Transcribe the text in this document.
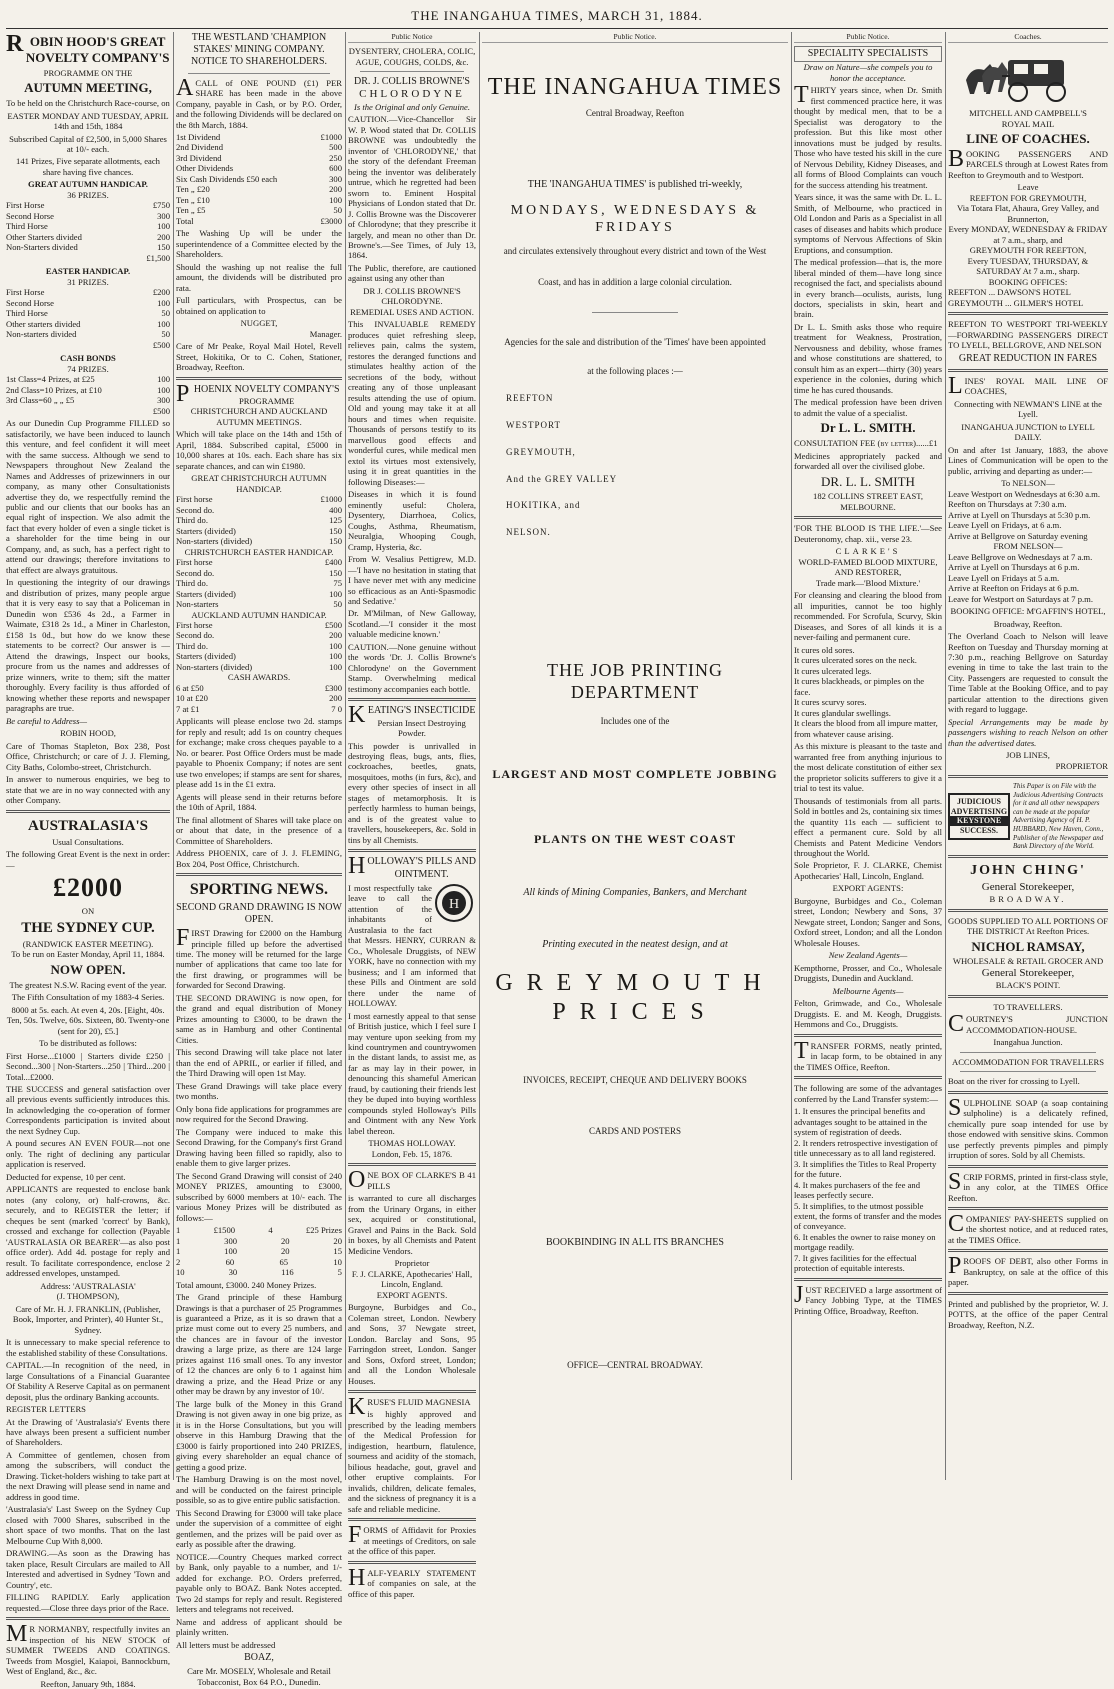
THE INANGAHUA TIMES, MARCH 31, 1884.
ROBIN HOOD'S GREAT NOVELTY COMPANY'S
PROGRAMME ON THE
AUTUMN MEETING,

To be held on the Christchurch Race-course, on

EASTER MONDAY AND TUESDAY, APRIL 14th and 15th, 1884

Subscribed Capital of £2,500, in 5,000 Shares at 10/- each.

141 Prizes, Five separate allotments, each share having five chances.

GREAT AUTUMN HANDICAP.
36 PRIZES.
First Horse	£750
Second Horse	300
Third Horse	100
Other Starters divided	200
Non-Starters divided	150
£1,500
EASTER HANDICAP.
31 PRIZES.
First Horse	£200
Second Horse	100
Third Horse	50
Other starters divided	100
Non-starters divided	50
£500
CASH BONDS
74 PRIZES.
1st Class=4 Prizes, at £25	100
2nd Class=10 Prizes, at £10	100
3rd Class=60 „ „ £5	300
£500

As our Dunedin Cup Programme FILLED so satisfactorily, we have been induced to launch this venture, and feel confident it will meet with the same success. Although we send to Newspapers throughout New Zealand the Names and Addresses of prizewinners in our company, as many other Consultationists advertise they do, we respectfully remind the public and our clients that our books has an equal right of inspection. We also admit the fact that every holder of even a single ticket is a shareholder for the time being in our Company, and, as such, has a perfect right to attend our drawings; therefore invitations to that effect are always gratuitous.

In questioning the integrity of our drawings and distribution of prizes, many people argue that it is very easy to say that a Policeman in Dunedin won £536 4s 2d., a Farmer in Waimate, £318 2s 1d., a Miner in Charleston, £158 1s 0d., but how do we know these statements to be correct? Our answer is — Attend the drawings, Inspect our books, procure from us the names and addresses of prize winners, write to them; sift the matter thoroughly. Every facility is thus afforded of knowing whether these reports and newspaper paragraphs are true.

Be careful to Address—

ROBIN HOOD,

Care of Thomas Stapleton, Box 238, Post Office, Christchurch; or care of J. J. Fleming, City Baths, Colombo-street, Christchurch.

In answer to numerous enquiries, we beg to state that we are in no way connected with any other Company.

AUSTRALASIA'S
Usual Consultations.

The following Great Event is the next in order:—

£2000
ON
THE SYDNEY CUP.
(RANDWICK EASTER MEETING).
To be run on Easter Monday, April 11, 1884.
NOW OPEN.

The greatest N.S.W. Racing event of the year.

The Fifth Consultation of my 1883-4 Series.

8000 at 5s. each. At even 4, 20s. [Eight, 40s. Ten, 50s. Twelve, 60s. Sixteen, 80. Twenty-one (sent for 20), £5.]

To be distributed as follows:

First Horse...£1000 | Starters divide £250 | Second...300 | Non-Starters...250 | Third...200 | Total...£2000.

THE SUCCESS and general satisfaction over all previous events sufficiently introduces this. In acknowledging the co-operation of former Correspondents participation is invited about the next Sydney Cup.

A pound secures AN EVEN FOUR—not one only. The right of declining any particular application is reserved.

Deducted for expense, 10 per cent.

APPLICANTS are requested to enclose bank notes (any colony, or) half-crowns, &c. securely, and to REGISTER the letter; if cheques be sent (marked 'correct' by Bank), crossed and exchange for collection (Payable 'AUSTRALASIA OR BEARER'—as also post office order). Add 4d. postage for reply and result. To facilitate correspondence, enclose 2 addressed envelopes, unstamped.

Address: 'AUSTRALASIA'
(J. THOMPSON),

Care of Mr. H. J. FRANKLIN, (Publisher, Book, Importer, and Printer), 40 Hunter St., Sydney.

It is unnecessary to make special reference to the established stability of these Consultations.

CAPITAL.—In recognition of the need, in large Consultations of a Financial Guarantee Of Stability A Reserve Capital as on permanent deposit, plus the ordinary Banking accounts.

REGISTER LETTERS

At the Drawing of 'Australasia's' Events there have always been present a sufficient number of Shareholders.

A Committee of gentlemen, chosen from among the subscribers, will conduct the Drawing. Ticket-holders wishing to take part at the next Drawing will please send in name and address in good time.

'Australasia's' Last Sweep on the Sydney Cup closed with 7000 Shares, subscribed in the short space of two months. That on the last Melbourne Cup With 8,000.

DRAWING.—As soon as the Drawing has taken place, Result Circulars are mailed to All Interested and advertised in Sydney 'Town and Country', etc.

FILLING RAPIDLY. Early application requested.—Close three days prior of the Race.

MR NORMANBY, respectfully invites an inspection of his NEW STOCK of SUMMER TWEEDS AND COATINGS. Tweeds from Mosgiel, Kaiapoi, Bannockburn, West of England, &c., &c.

Reefton, January 9th, 1884.
THE WESTLAND 'CHAMPION STAKES' MINING COMPANY.
NOTICE TO SHAREHOLDERS.

ACALL of ONE POUND (£1) PER SHARE has been made in the above Company, payable in Cash, or by P.O. Order, and the following Dividends will be declared on the 8th March, 1884.

1st Dividend	£1000
2nd Dividend	500
3rd Dividend	250
Other Dividends	600
Six Cash Dividends £50 each	300
Ten „ £20	200
Ten „ £10	100
Ten „ £5	50
Total	£3000

The Washing Up will be under the superintendence of a Committee elected by the Shareholders.

Should the washing up not realise the full amount, the dividends will be distributed pro rata.

Full particulars, with Prospectus, can be obtained on application to

NUGGET,
Manager.

Care of Mr Peake, Royal Mail Hotel, Revell Street, Hokitika, Or to C. Cohen, Stationer, Broadway, Reefton.

PHOENIX NOVELTY COMPANY'S
PROGRAMME
CHRISTCHURCH AND AUCKLAND AUTUMN MEETINGS.

Which will take place on the 14th and 15th of April, 1884. Subscribed capital, £5000 in 10,000 shares at 10s. each. Each share has six separate chances, and can win £1980.

GREAT CHRISTCHURCH AUTUMN HANDICAP.
First horse	£1000
Second do.	400
Third do.	125
Starters (divided)	150
Non-starters (divided)	150
CHRISTCHURCH EASTER HANDICAP.
First horse	£400
Second do.	150
Third do.	75
Starters (divided)	100
Non-starters	50
AUCKLAND AUTUMN HANDICAP.
First horse	£500
Second do.	200
Third do.	100
Starters (divided)	100
Non-starters (divided)	100
CASH AWARDS.
6 at £50	£300
10 at £20	200
7 at £1	7 0

Applicants will please enclose two 2d. stamps for reply and result; add 1s on country cheques for exchange; make cross cheques payable to a No. or bearer. Post Office Orders must be made payable to Phoenix Company; if notes are sent use two envelopes; if stamps are sent for shares, please add 1s in the £1 extra.

Agents will please send in their returns before the 10th of April, 1884.

The final allotment of Shares will take place on or about that date, in the presence of a Committee of Shareholders.

Address PHOENIX, care of J. J. FLEMING, Box 204, Post Office, Christchurch.

SPORTING NEWS.
SECOND GRAND DRAWING IS NOW OPEN.

FIRST Drawing for £2000 on the Hamburg principle filled up before the advertised time. The money will be returned for the large number of applications that came too late for the first drawing, or programmes will be forwarded for Second Drawing.

THE SECOND DRAWING is now open, for the grand and equal distribution of Money Prizes amounting to £3000, to be drawn the same as in Hamburg and other Continental Cities.

This second Drawing will take place not later than the end of APRIL, or earlier if filled, and the Third Drawing will open 1st May.

These Grand Drawings will take place every two months.

Only bona fide applications for programmes are now required for the Second Drawing.

The Company were induced to make this Second Drawing, for the Company's first Grand Drawing having been filled so rapidly, also to enable them to give larger prizes.

The Second Grand Drawing will consist of 240 MONEY PRIZES, amounting to £3000, subscribed by 6000 members at 10/- each. The various Money Prizes will be distributed as follows:—

1	£1500	4	£25 Prizes
1	300	20	20
1	100	20	15
2	60	65	10
10	30	116	5

Total amount, £3000. 240 Money Prizes.

The Grand principle of these Hamburg Drawings is that a purchaser of 25 Programmes is guaranteed a Prize, as it is so drawn that a prize must come out to every 25 numbers, and the chances are in favour of the investor drawing a large prize, as there are 124 large prizes against 116 small ones. To any investor of 12 the chances are only 6 to 1 against him drawing a prize, and the Head Prize or any other may be drawn by any investor of 10/.

The large bulk of the Money in this Grand Drawing is not given away in one big prize, as it is in the Horse Consultations, but you will observe in this Hamburg Drawing that the £3000 is fairly proportioned into 240 PRIZES, giving every shareholder an equal chance of getting a good prize.

The Hamburg Drawing is on the most novel, and will be conducted on the fairest principle possible, so as to give entire public satisfaction.

This Second Drawing for £3000 will take place under the supervision of a committee of eight gentlemen, and the prizes will be paid over as early as possible after the drawing.

NOTICE.—Country Cheques marked correct by Bank, only payable to a number, and 1/- added for exchange. P.O. Orders preferred, payable only to BOAZ. Bank Notes accepted. Two 2d stamps for reply and result. Registered letters and telegrams not received.

Name and address of applicant should be plainly written.

All letters must be addressed

BOAZ,

Care Mr. MOSELY, Wholesale and Retail Tobacconist, Box 64 P.O., Dunedin.

Public Notice
DYSENTERY, CHOLERA, COLIC, AGUE, COUGHS, COLDS, &c.
DR. J. COLLIS BROWNE'S
CHLORODYNE
Is the Original and only Genuine.

CAUTION.—Vice-Chancellor Sir W. P. Wood stated that Dr. COLLIS BROWNE was undoubtedly the inventor of 'CHLORODYNE,' that the story of the defendant Freeman being the inventor was deliberately untrue, which he regretted had been sworn to. Eminent Hospital Physicians of London stated that Dr. J. Collis Browne was the Discoverer of Chlorodyne; that they prescribe it largely, and mean no other than Dr. Browne's.—See Times, of July 13, 1864.

The Public, therefore, are cautioned against using any other than

DR J. COLLIS BROWNE'S CHLORODYNE.
REMEDIAL USES AND ACTION.

This INVALUABLE REMEDY produces quiet refreshing sleep, relieves pain, calms the system, restores the deranged functions and stimulates healthy action of the secretions of the body, without creating any of those unpleasant results attending the use of opium. Old and young may take it at all hours and times when requisite. Thousands of persons testify to its marvellous good effects and wonderful cures, while medical men extol its virtues most extensively, using it in great quantities in the following Diseases:—

Diseases in which it is found eminently useful: Cholera, Dysentery, Diarrhoea, Colics, Coughs, Asthma, Rheumatism, Neuralgia, Whooping Cough, Cramp, Hysteria, &c.

From W. Vesalius Pettigrew, M.D.—'I have no hesitation in stating that I have never met with any medicine so efficacious as an Anti-Spasmodic and Sedative.'

Dr. M'Milman, of New Galloway, Scotland.—'I consider it the most valuable medicine known.'

CAUTION.—None genuine without the words 'Dr. J. Collis Browne's Chlorodyne' on the Government Stamp. Overwhelming medical testimony accompanies each bottle.

KEATING'S INSECTICIDE
Persian Insect Destroying Powder.

This powder is unrivalled in destroying fleas, bugs, ants, flies, cockroaches, beetles, gnats, mosquitoes, moths (in furs, &c), and every other species of insect in all stages of metamorphosis. It is perfectly harmless to human beings, and is of the greatest value to travellers, housekeepers, &c. Sold in tins by all Chemists.

HOLLOWAY'S PILLS AND OINTMENT.
H

I most respectfully take leave to call the attention of the inhabitants of Australasia to the fact that Messrs. HENRY, CURRAN & Co., Wholesale Druggists, of NEW YORK, have no connection with my business; and I am informed that these Pills and Ointment are sold there under the name of HOLLOWAY.

I most earnestly appeal to that sense of British justice, which I feel sure I may venture upon seeking from my kind countrymen and countrywomen in the distant lands, to assist me, as far as may lay in their power, in denouncing this shameful American fraud, by cautioning their friends lest they be duped into buying worthless compounds styled Holloway's Pills and Ointment with any New York label thereon.

THOMAS HOLLOWAY.
London, Feb. 15, 1876.

ONE BOX OF CLARKE'S B 41 PILLS

is warranted to cure all discharges from the Urinary Organs, in either sex, acquired or constitutional, Gravel and Pains in the Back. Sold in boxes, by all Chemists and Patent Medicine Vendors.

Proprietor
F. J. CLARKE, Apothecaries' Hall,
Lincoln, England.
EXPORT AGENTS.

Burgoyne, Burbidges and Co., Coleman street, London. Newbery and Sons, 37 Newgate street, London. Barclay and Sons, 95 Farringdon street, London. Sanger and Sons, Oxford street, London; and all the London Wholesale Houses.

KRUSE'S FLUID MAGNESIA

is highly approved and prescribed by the leading members of the Medical Profession for indigestion, heartburn, flatulence, sourness and acidity of the stomach, bilious headache, gout, gravel and other eruptive complaints. For invalids, children, delicate females, and the sickness of pregnancy it is a safe and reliable medicine.

FORMS of Affidavit for Proxies at meetings of Creditors, on sale at the office of this paper.

HALF-YEARLY STATEMENT of companies on sale, at the office of this paper.

Public Notice.
THE INANGAHUA TIMES
Central Broadway, Reefton
THE 'INANGAHUA TIMES' is published tri-weekly,
MONDAYS, WEDNESDAYS & FRIDAYS
and circulates extensively throughout every district and town of the West
Coast, and has in addition a large colonial circulation.
Agencies for the sale and distribution of the 'Times' have been appointed
at the following places :—
REEFTON
WESTPORT
GREYMOUTH,
And the GREY VALLEY
HOKITIKA, and
NELSON.
THE JOB PRINTING DEPARTMENT
Includes one of the
LARGEST AND MOST COMPLETE JOBBING
PLANTS ON THE WEST COAST
All kinds of Mining Companies, Bankers, and Merchant
Printing executed in the neatest design, and at
GREYMOUTH PRICES
INVOICES, RECEIPT, CHEQUE AND DELIVERY BOOKS
CARDS AND POSTERS
BOOKBINDING IN ALL ITS BRANCHES
OFFICE—CENTRAL BROADWAY.
Public Notice.
SPECIALITY SPECIALISTS
Draw on Nature—she compels you to honor the acceptance.

THIRTY years since, when Dr. Smith first commenced practice here, it was thought by medical men, that to be a Specialist was derogatory to the profession. But this like most other innovations must be judged by results. Those who have tested his skill in the cure of Nervous Debility, Kidney Diseases, and all forms of Blood Complaints can vouch for the success attending his treatment.

Years since, it was the same with Dr. L. L. Smith, of Melbourne, who practiced in Old London and Paris as a Specialist in all cases of diseases and habits which produce symptoms of Nervous Affections of Skin Eruptions, and consumption.

The medical profession—that is, the more liberal minded of them—have long since recognised the fact, and specialists abound in every branch—oculists, aurists, lung doctors, specialists in skin, heart and brain.

Dr L. L. Smith asks those who require treatment for Weakness, Prostration, Nervousness and debility, whose frames and whose constitutions are shattered, to consult him as an expert—thirty (30) years experience in the colonies, during which time he has cured thousands.

The medical profession have been driven to admit the value of a specialist.

Dr L. L. SMITH.
CONSULTATION FEE (by letter)......£1

Medicines appropriately packed and forwarded all over the civilised globe.

DR. L. L. SMITH
182 COLLINS STREET EAST, MELBOURNE.

'FOR THE BLOOD IS THE LIFE.'—See Deuteronomy, chap. xii., verse 23.

CLARKE'S
WORLD-FAMED BLOOD MIXTURE,
AND RESTORER,
Trade mark—'Blood Mixture.'

For cleansing and clearing the blood from all impurities, cannot be too highly recommended. For Scrofula, Scurvy, Skin Diseases, and Sores of all kinds it is a never-failing and permanent cure.

It cures old sores.
It cures ulcerated sores on the neck.
It cures ulcerated legs.
It cures blackheads, or pimples on the face.
It cures scurvy sores.
It cures glandular swellings.
It clears the blood from all impure matter, from whatever cause arising.

As this mixture is pleasant to the taste and warranted free from anything injurious to the most delicate constitution of either sex the proprietor solicits sufferers to give it a trial to test its value.

Thousands of testimonials from all parts. Sold in bottles and 2s, containing six times the quantity 11s each — sufficient to effect a permanent cure. Sold by all Chemists and Patent Medicine Vendors throughout the World.

Sole Proprietor, F. J. CLARKE, Chemist Apothecaries' Hall, Lincoln, England.

EXPORT AGENTS:

Burgoyne, Burbidges and Co., Coleman street, London; Newbery and Sons, 37 Newgate street, London; Sanger and Sons, Oxford street, London; and all the London Wholesale Houses.

New Zealand Agents—

Kempthorne, Prosser, and Co., Wholesale Druggists, Dunedin and Auckland.

Melbourne Agents—

Felton, Grimwade, and Co., Wholesale Druggists. E. and M. Keogh, Druggists. Hemmons and Co., Druggists.

TRANSFER FORMS, neatly printed, in lacap form, to be obtained in any the TIMES Office, Reefton.

The following are some of the advantages conferred by the Land Transfer system:—

1. It ensures the principal benefits and advantages sought to be attained in the system of registration of deeds.
2. It renders retrospective investigation of title unnecessary as to all land registered.
3. It simplifies the Titles to Real Property for the future.
4. It makes purchasers of the fee and leases perfectly secure.
5. It simplifies, to the utmost possible extent, the forms of transfer and the modes of conveyance.
6. It enables the owner to raise money on mortgage readily.
7. It gives facilities for the effectual protection of equitable interests.

JUST RECEIVED a large assortment of Fancy Jobbing Type, at the TIMES Printing Office, Broadway, Reefton.

Coaches.
MITCHELL AND CAMPBELL'S
ROYAL MAIL
LINE OF COACHES.

BOOKING PASSENGERS AND PARCELS through at Lowest Rates from Reefton to Greymouth and to Westport.

Leave
REEFTON FOR GREYMOUTH,
Via Totara Flat, Ahaura, Grey Valley, and Brunnerton,
Every MONDAY, WEDNESDAY & FRIDAY at 7 a.m., sharp, and
GREYMOUTH FOR REEFTON,
Every TUESDAY, THURSDAY, & SATURDAY At 7 a.m., sharp.
BOOKING OFFICES:
REEFTON ... DAWSON'S HOTEL
GREYMOUTH ... GILMER'S HOTEL

REEFTON TO WESTPORT TRI-WEEKLY—FORWARDING PASSENGERS DIRECT TO LYELL, BELLGROVE, AND NELSON

GREAT REDUCTION IN FARES

LINES' ROYAL MAIL LINE OF COACHES,

Connecting with NEWMAN'S LINE at the Lyell.

INANGAHUA JUNCTION to LYELL DAILY.

On and after 1st January, 1883, the above Lines of Communication will be open to the public, arriving and departing as under:—

To NELSON—
Leave Westport on Wednesdays at 6:30 a.m.
Reefton on Thursdays at 7:30 a.m.
Arrive at Lyell on Thursdays at 5:30 p.m.
Leave Lyell on Fridays, at 6 a.m.
Arrive at Bellgrove on Saturday evening
FROM NELSON—
Leave Bellgrove on Wednesdays at 7 a.m.
Arrive at Lyell on Thursdays at 6 p.m.
Leave Lyell on Fridays at 5 a.m.
Arrive at Reefton on Fridays at 6 p.m.
Leave for Westport on Saturdays at 7 p.m.

BOOKING OFFICE: M'GAFFIN'S HOTEL,

Broadway, Reefton.

The Overland Coach to Nelson will leave Reefton on Tuesday and Thursday morning at 7:30 p.m., reaching Bellgrove on Saturday evening in time to take the last train to the City. Passengers are requested to consult the Time Table at the Booking Office, and to pay particular attention to the directions given with regard to luggage.

Special Arrangements may be made by passengers wishing to reach Nelson on other than the advertised dates.

JOB LINES,
PROPRIETOR
JUDICIOUS
ADVERTISING
KEYSTONE
SUCCESS.
This Paper is on File with the Judicious Advertising Contracts for it and all other newspapers can be made at the popular Advertising Agency of H. P. HUBBARD, New Haven, Conn., Publisher of the Newspaper and Bank Directory of the World.
JOHN CHING'
General Storekeeper,
BROADWAY.

GOODS SUPPLIED TO ALL PORTIONS OF THE DISTRICT At Reefton Prices.

NICHOL RAMSAY,
WHOLESALE & RETAIL GROCER AND
General Storekeeper,
BLACK'S POINT.
TO TRAVELLERS.

COURTNEY'S JUNCTION ACCOMMODATION-HOUSE.

Inangahua Junction.
ACCOMMODATION FOR TRAVELLERS

Boat on the river for crossing to Lyell.

SULPHOLINE SOAP (a soap containing sulpholine) is a delicately refined, chemically pure soap intended for use by those endowed with sensitive skins. Common use perfectly prevents pimples and pimply irruption of sores. Sold by all Chemists.

SCRIP FORMS, printed in first-class style, in any color, at the TIMES Office Reefton.

COMPANIES' PAY-SHEETS supplied on the shortest notice, and at reduced rates, at the TIMES Office.

PROOFS OF DEBT, also other Forms in Bankruptcy, on sale at the office of this paper.

Printed and published by the proprietor, W. J. POTTS, at the office of the paper Central Broadway, Reefton, N.Z.
